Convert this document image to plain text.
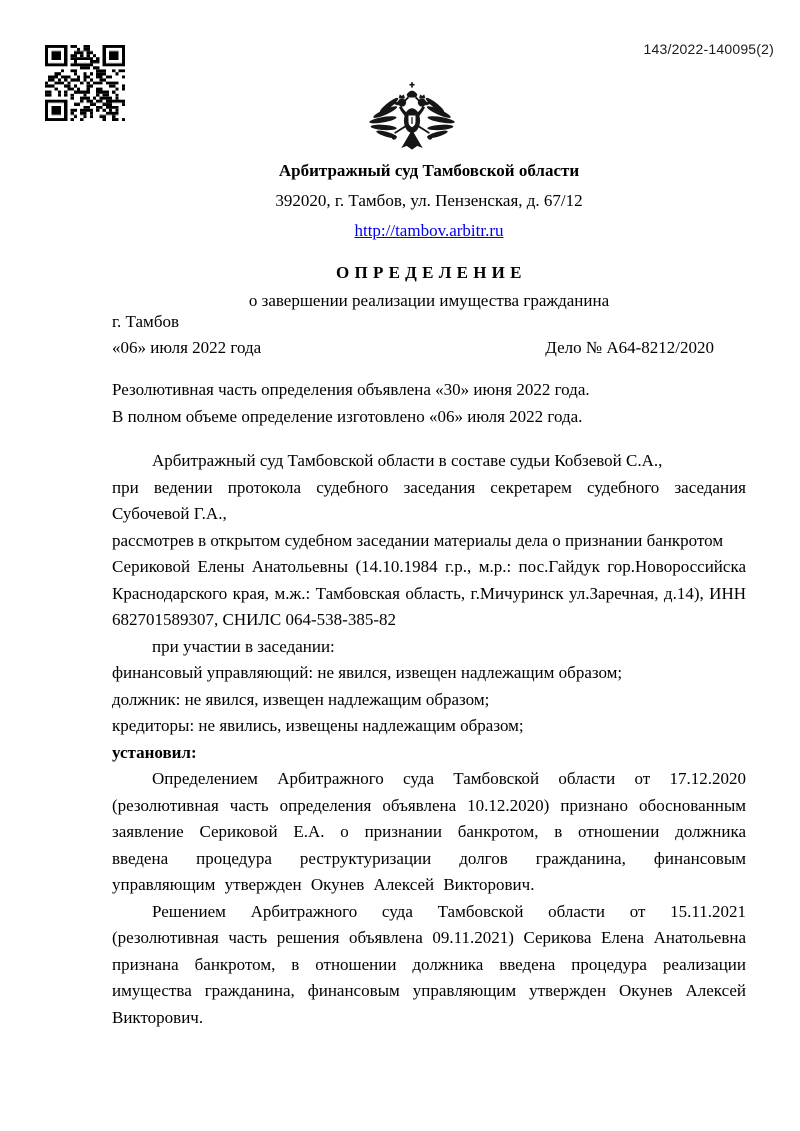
143/2022-140095(2)
Арбитражный суд Тамбовской области
392020, г. Тамбов, ул. Пензенская, д. 67/12
http://tambov.arbitr.ru
О П Р Е Д Е Л Е Н И Е
о завершении реализации имущества гражданина
г. Тамбов
«06» июля 2022 года	Дело № А64-8212/2020

Резолютивная часть определения объявлена «30» июня 2022 года.

В полном объеме определение изготовлено «06» июля 2022 года.

Арбитражный суд Тамбовской области в составе судьи Кобзевой С.А.,

при ведении протокола судебного заседания секретарем судебного заседания Субочевой Г.А.,

рассмотрев в открытом судебном заседании материалы дела о признании банкротом

Сериковой Елены Анатольевны (14.10.1984 г.р., м.р.: пос.Гайдук гор.Новороссийска Краснодарского края, м.ж.: Тамбовская область, г.Мичуринск ул.Заречная, д.14), ИНН 682701589307, СНИЛС 064-538-385-82

при участии в заседании:

финансовый управляющий: не явился, извещен надлежащим образом;

должник: не явился, извещен надлежащим образом;

кредиторы: не явились, извещены надлежащим образом;

установил:

Определением Арбитражного суда Тамбовской области от 17.12.2020 (резолютивная часть определения объявлена 10.12.2020) признано обоснованным заявление Сериковой Е.А. о признании банкротом, в отношении должника введена процедура реструктуризации долгов гражданина, финансовым управляющим утвержден Окунев Алексей Викторович.

Решением Арбитражного суда Тамбовской области от 15.11.2021 (резолютивная часть решения объявлена 09.11.2021) Серикова Елена Анатольевна признана банкротом, в отношении должника введена процедура реализации имущества гражданина, финансовым управляющим утвержден Окунев Алексей Викторович.
